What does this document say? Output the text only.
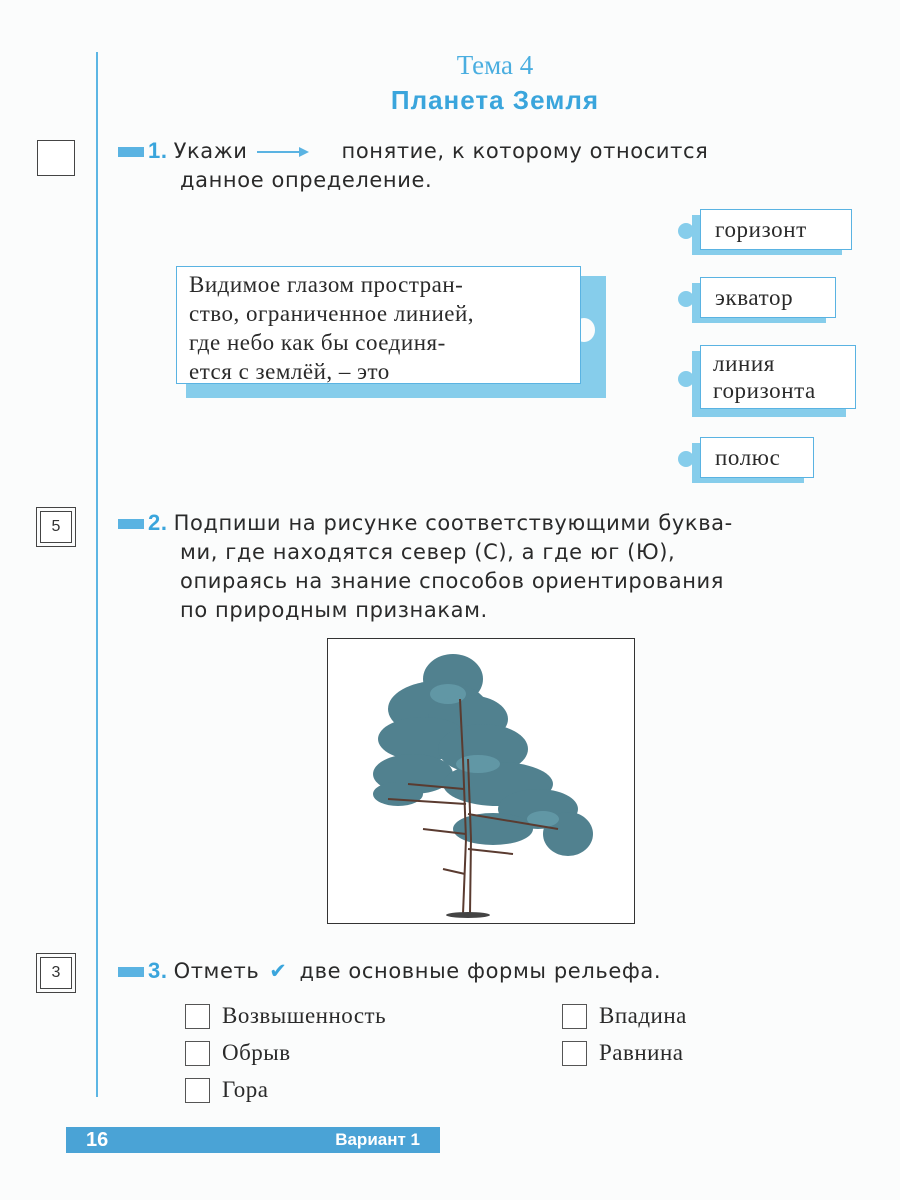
5
3
Тема 4
Планета Земля
1. Укажи	понятие, к которому относится
данное определение.
Видимое глазом простран-
ство, ограниченное линией,
где небо как бы соединя-
ется с землёй, – это
горизонт
экватор
линия
горизонта
полюс
2. Подпиши на рисунке соответствующими буква-
ми, где находятся север (С), а где юг (Ю),
опираясь на знание способов ориентирования
по природным признакам.
3. Отметь ✔ две основные формы рельефа.
Возвышенность
Обрыв
Гора
Впадина
Равнина
16	Вариант 1
